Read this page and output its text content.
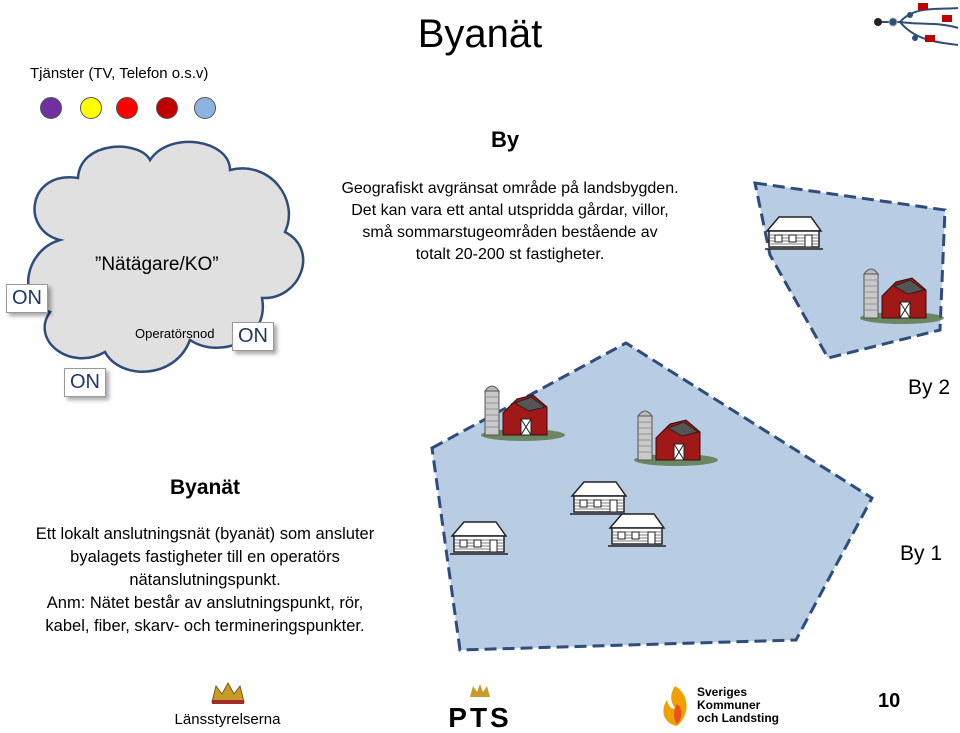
Byanät
Tjänster (TV, Telefon o.s.v)
”Nätägare/KO”
Operatörsnod
ON
ON
ON
By
Geografiskt avgränsat område på landsbygden.
Det kan vara ett antal utspridda gårdar, villor,
små sommarstugeområden bestående av
totalt 20-200 st fastigheter.
Byanät
Ett lokalt anslutningsnät (byanät) som ansluter
byalagets fastigheter till en operatörs
nätanslutningspunkt.
Anm: Nätet består av anslutningspunkt, rör,
kabel, fiber, skarv- och termineringspunkter.
By 2
By 1
Länsstyrelserna	PTS
Sveriges
Kommuner
och Landsting
10
